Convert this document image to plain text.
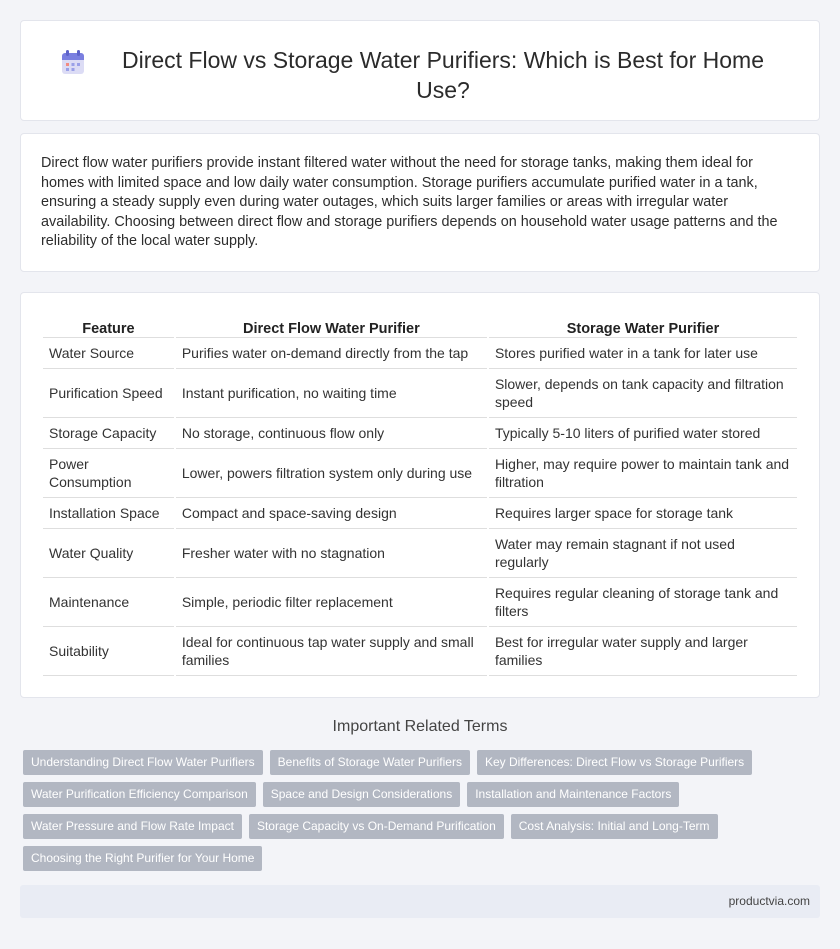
Direct Flow vs Storage Water Purifiers: Which is Best for Home Use?

Direct flow water purifiers provide instant filtered water without the need for storage tanks, making them ideal for homes with limited space and low daily water consumption. Storage purifiers accumulate purified water in a tank, ensuring a steady supply even during water outages, which suits larger families or areas with irregular water availability. Choosing between direct flow and storage purifiers depends on household water usage patterns and the reliability of the local water supply.

Feature	Direct Flow Water Purifier	Storage Water Purifier
Water Source	Purifies water on-demand directly from the tap	Stores purified water in a tank for later use
Purification Speed	Instant purification, no waiting time	Slower, depends on tank capacity and filtration speed
Storage Capacity	No storage, continuous flow only	Typically 5-10 liters of purified water stored
Power Consumption	Lower, powers filtration system only during use	Higher, may require power to maintain tank and filtration
Installation Space	Compact and space-saving design	Requires larger space for storage tank
Water Quality	Fresher water with no stagnation	Water may remain stagnant if not used regularly
Maintenance	Simple, periodic filter replacement	Requires regular cleaning of storage tank and filters
Suitability	Ideal for continuous tap water supply and small families	Best for irregular water supply and larger families
Important Related Terms
Understanding Direct Flow Water Purifiers	Benefits of Storage Water Purifiers	Key Differences: Direct Flow vs Storage Purifiers
Water Purification Efficiency Comparison	Space and Design Considerations	Installation and Maintenance Factors
Water Pressure and Flow Rate Impact	Storage Capacity vs On-Demand Purification	Cost Analysis: Initial and Long-Term
Choosing the Right Purifier for Your Home
productvia.com
